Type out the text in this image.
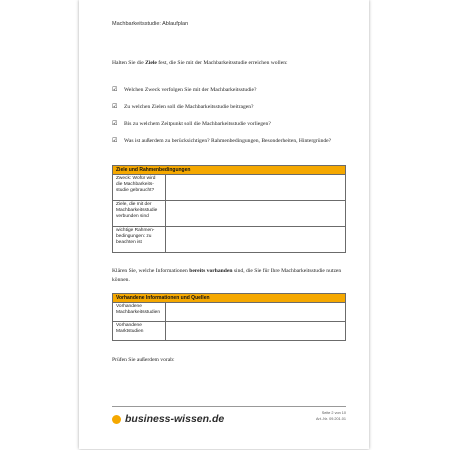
Machbarkeitsstudie: Ablaufplan
Halten Sie die Ziele fest, die Sie mit der Machbarkeitsstudie erreichen wollen:
☑ Welchen Zweck verfolgen Sie mit der Machbarkeitsstudie?
☑ Zu welchen Zielen soll die Machbarkeitsstudie beitragen?
☑ Bis zu welchem Zeitpunkt soll die Machbarkeitsstudie vorliegen?
☑ Was ist außerdem zu berücksichtigen? Rahmenbedingungen, Besonderheiten, Hintergründe?
Ziele und Rahmenbedingungen	
Zweck: Wofür wird die Machbarkeits-studie gebraucht?	
Ziele, die mit der Machbarkeitsstudie verbunden sind	
wichtige Rahmen-bedingungen: zu beachten ist	
Klären Sie, welche Informationen bereits vorhanden sind, die Sie für Ihre Machbarkeitsstudie nutzen können.
Vorhandene Informationen und Quellen	
Vorhandene Machbarkeitsstudien	
Vorhandene Marktstudien	
Prüfen Sie außerdem vorab:
business-wissen.de	Seite 2 von 10
Art.-Nr. 09.201.01
